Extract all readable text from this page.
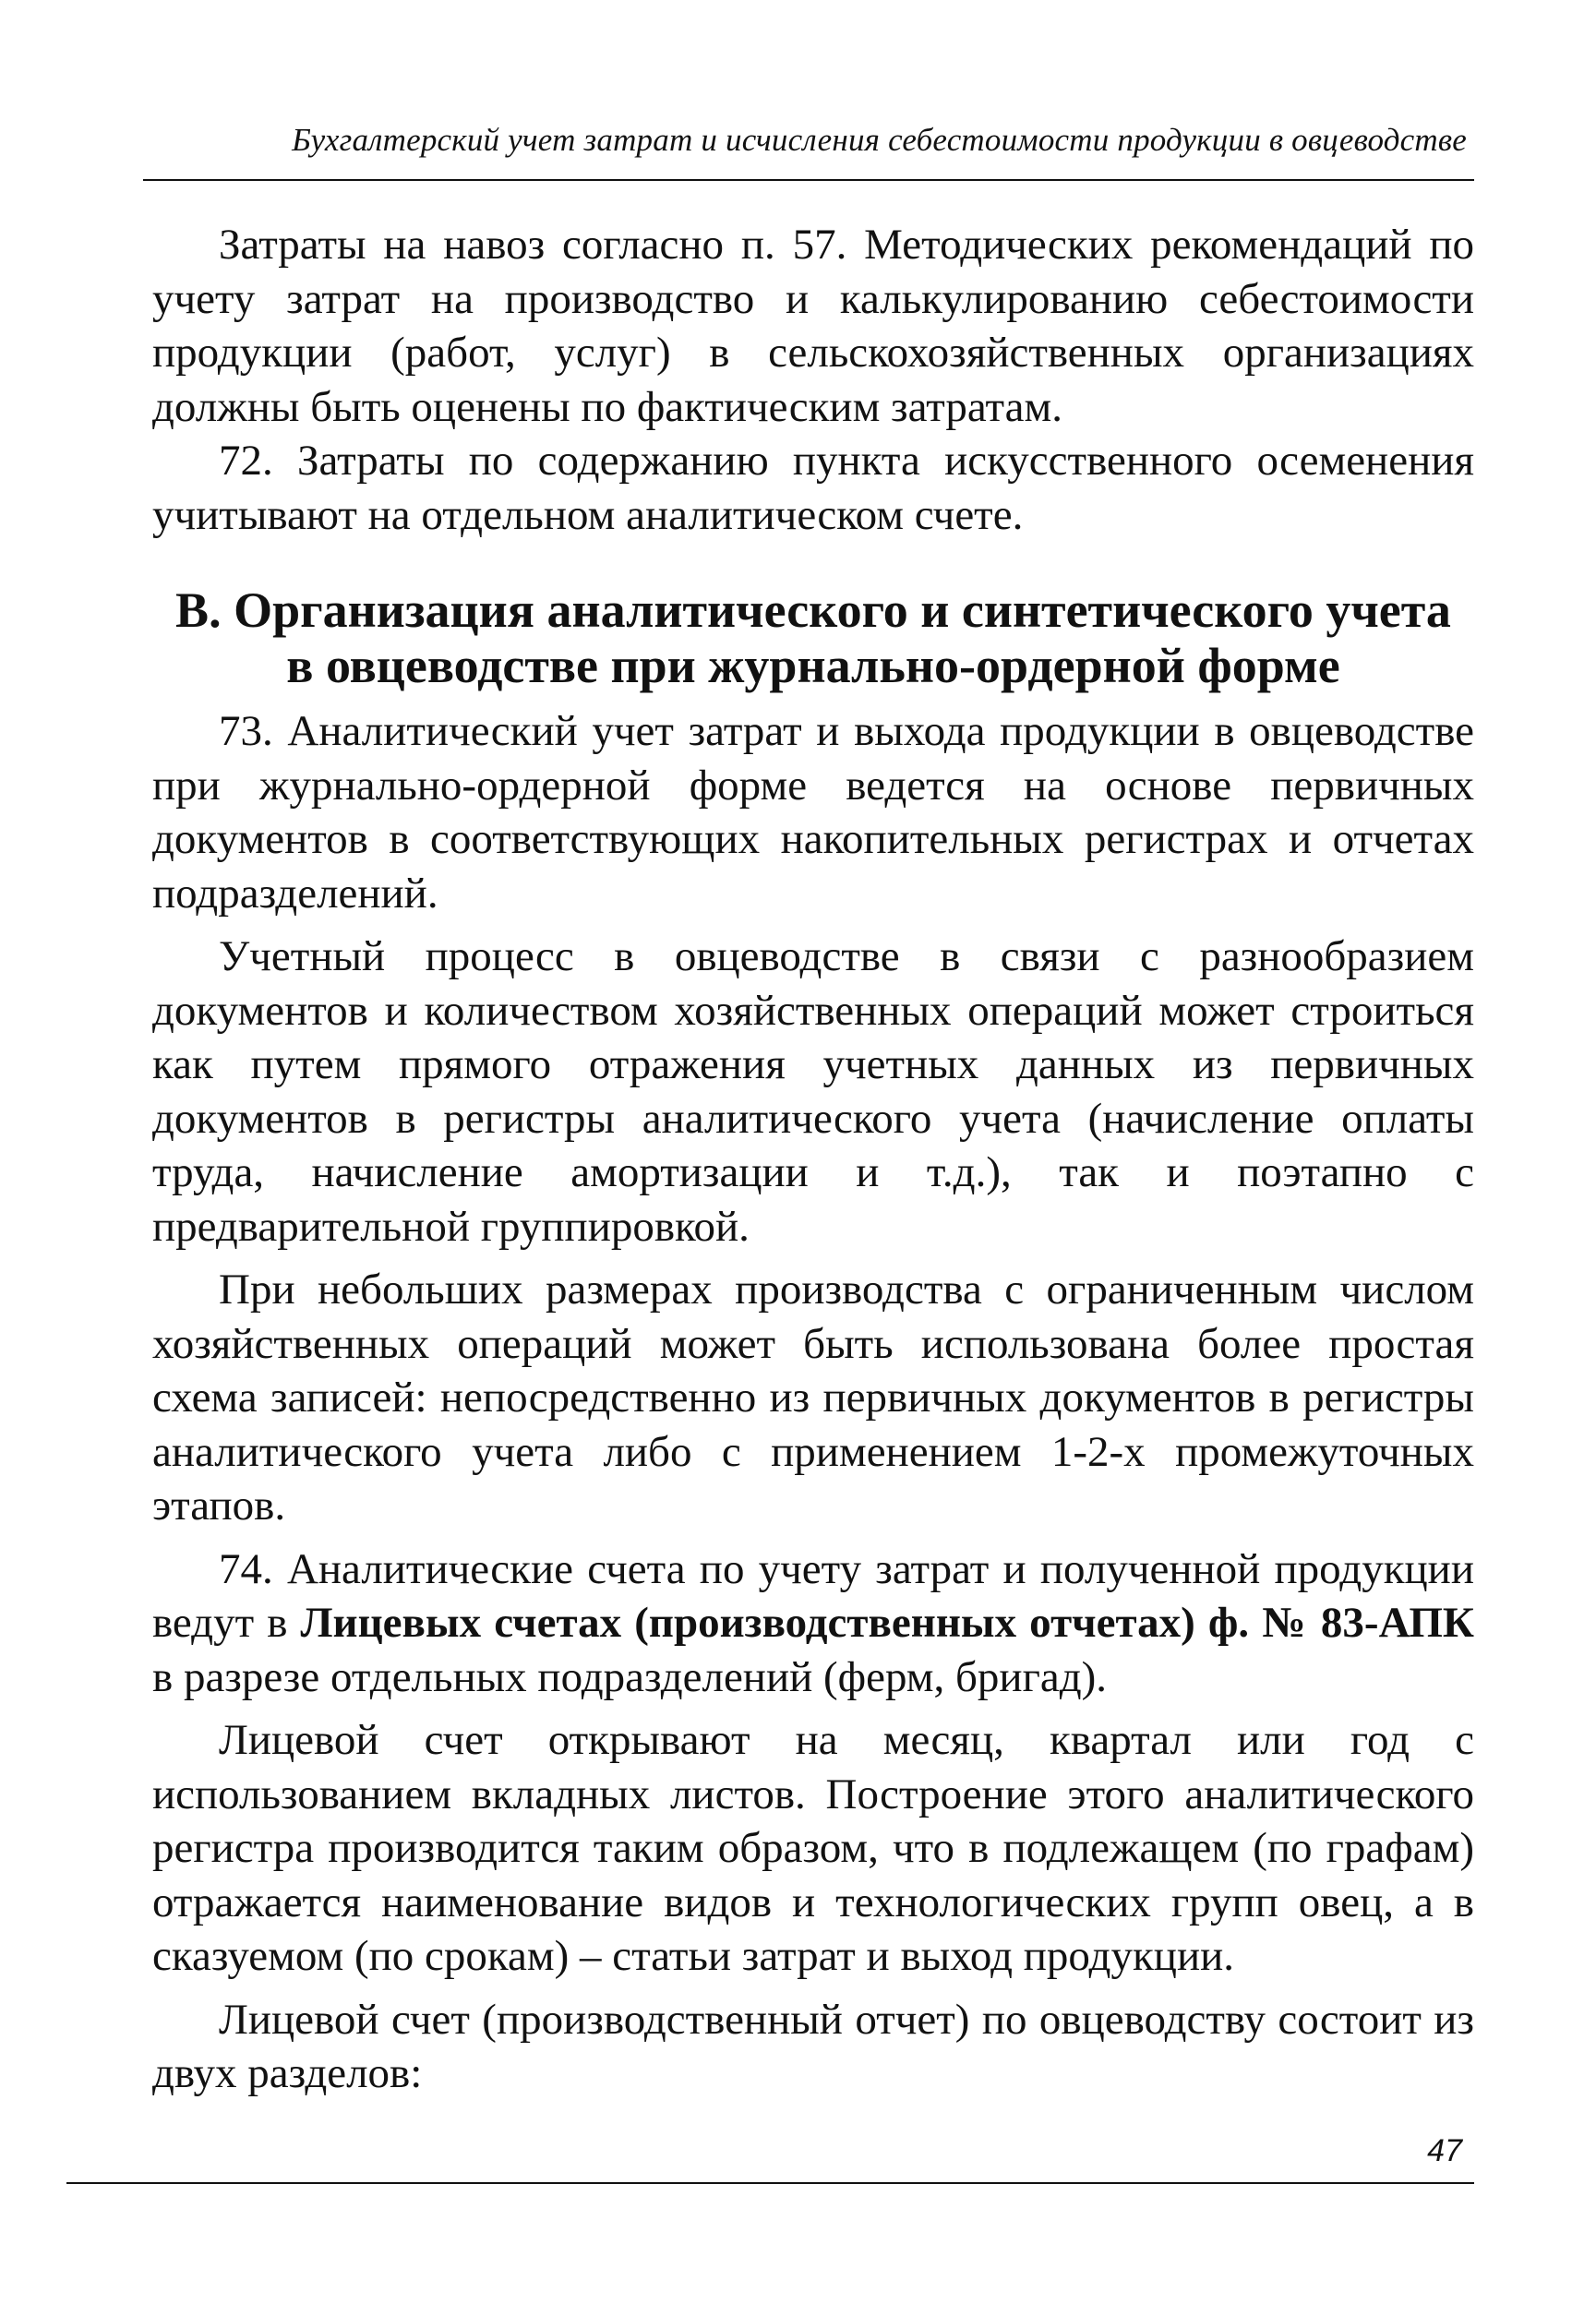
Бухгалтерский учет затрат и исчисления себестоимости продукции в овцеводстве

Затраты на навоз согласно п. 57. Методических рекомендаций по учету затрат на производство и калькулированию себестоимости продукции (работ, услуг) в сельскохозяйственных организациях должны быть оценены по фактическим затратам.

72. Затраты по содержанию пункта искусственного осеменения учитывают на отдельном аналитическом счете.

В. Организация аналитического и синтетического учета
в овцеводстве при журнально-ордерной форме

73. Аналитический учет затрат и выхода продукции в овцеводстве при журнально-ордерной форме ведется на основе первичных документов в соответствующих накопительных регистрах и отчетах подразделений.

Учетный процесс в овцеводстве в связи с разнообразием документов и количеством хозяйственных операций может строиться как путем прямого отражения учетных данных из первичных документов в регистры аналитического учета (начисление оплаты труда, начисление амортизации и т.д.), так и поэтапно с предварительной группировкой.

При небольших размерах производства с ограниченным числом хозяйственных операций может быть использована более простая схема записей: непосредственно из первичных документов в регистры аналитического учета либо с применением 1-2-х промежуточных этапов.

74. Аналитические счета по учету затрат и полученной продукции ведут в Лицевых счетах (производственных отчетах) ф. № 83-АПК в разрезе отдельных подразделений (ферм, бригад).

Лицевой счет открывают на месяц, квартал или год с использованием вкладных листов. Построение этого аналитического регистра производится таким образом, что в подлежащем (по графам) отражается наименование видов и технологических групп овец, а в сказуемом (по срокам) – статьи затрат и выход продукции.

Лицевой счет (производственный отчет) по овцеводству состоит из двух разделов:

47
